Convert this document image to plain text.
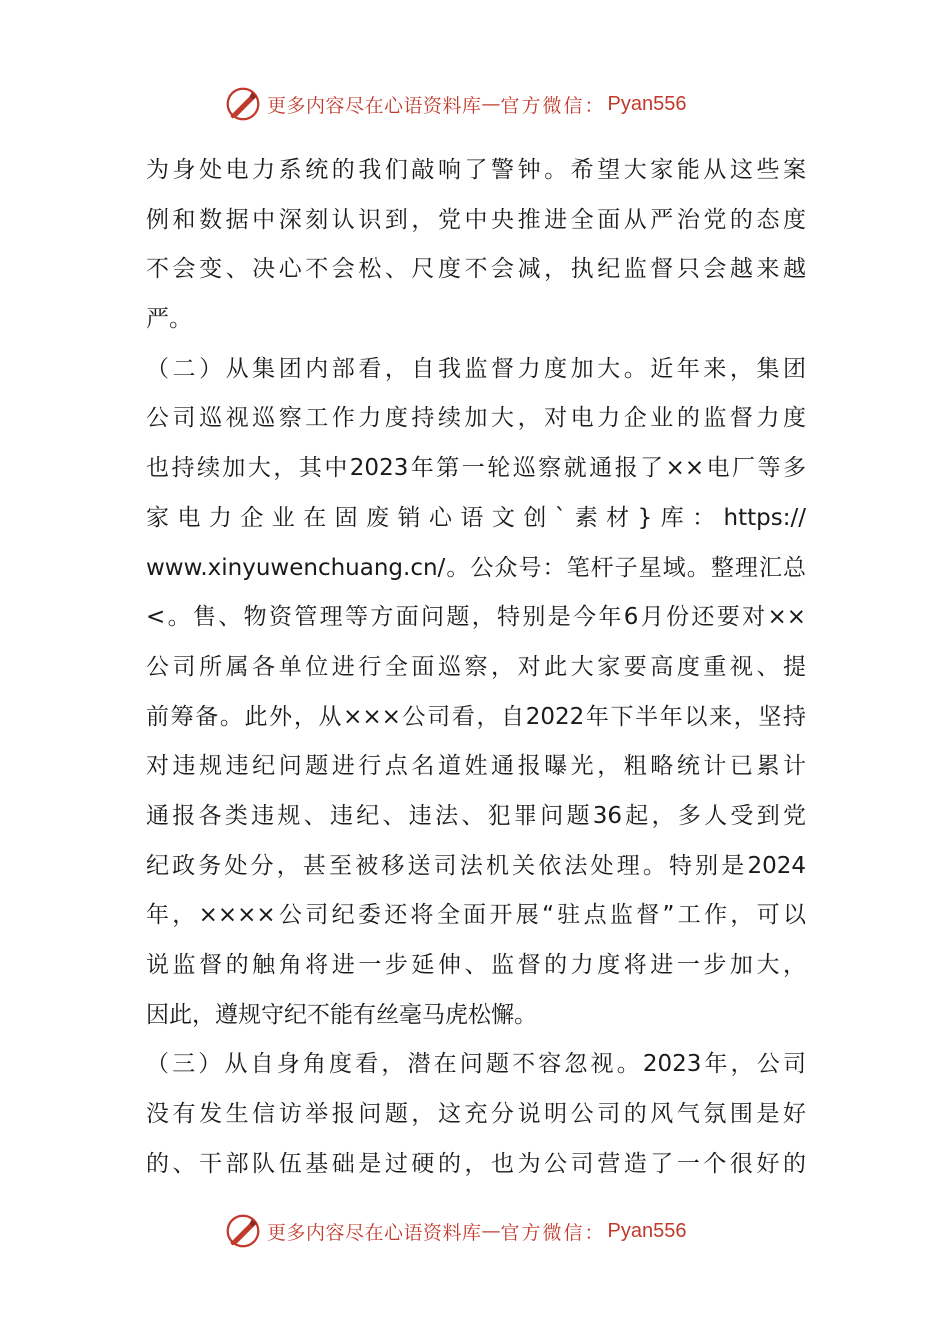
更多内容尽在心语资料库 — 官方微信： Pyan556
为身处电力系统的我们敲响了警钟。希望大家能从这些案
例和数据中深刻认识到，党中央推进全面从严治党的态度
不会变、决心不会松、尺度不会减，执纪监督只会越来越
严。
（二）从集团内部看，自我监督力度加大。近年来，集团
公司巡视巡察工作力度持续加大，对电力企业的监督力度
也持续加大，其中2023年第一轮巡察就通报了××电厂等多
家电力企业在固废销心语文创`素材}库：https://
www.xinyuwenchuang.cn/。公众号：笔杆子星域。整理汇总
<。售、物资管理等方面问题，特别是今年6月份还要对××
公司所属各单位进行全面巡察，对此大家要高度重视、提
前筹备。此外，从×××公司看，自2022年下半年以来，坚持
对违规违纪问题进行点名道姓通报曝光，粗略统计已累计
通报各类违规、违纪、违法、犯罪问题36起，多人受到党
纪政务处分，甚至被移送司法机关依法处理。特别是2024
年，××××公司纪委还将全面开展“驻点监督”工作，可以
说监督的触角将进一步延伸、监督的力度将进一步加大，
因此，遵规守纪不能有丝毫马虎松懈。
（三）从自身角度看，潜在问题不容忽视。2023年，公司
没有发生信访举报问题，这充分说明公司的风气氛围是好
的、干部队伍基础是过硬的，也为公司营造了一个很好的
更多内容尽在心语资料库 — 官方微信： Pyan556
